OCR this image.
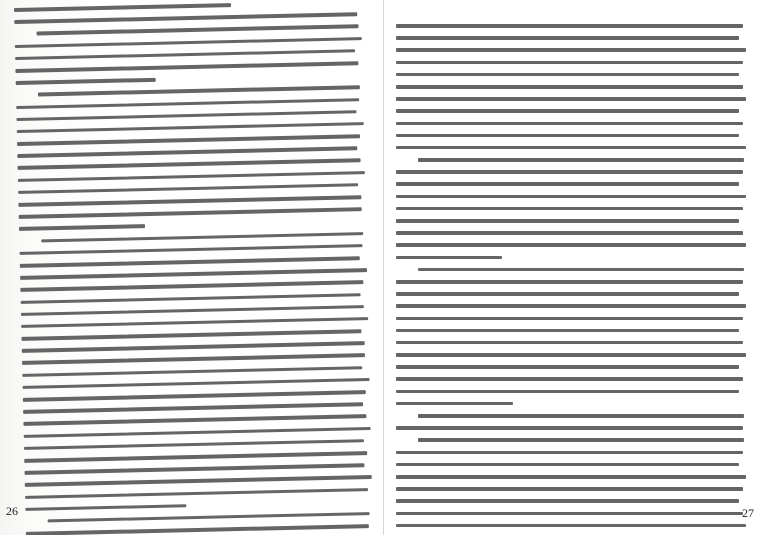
26	27
